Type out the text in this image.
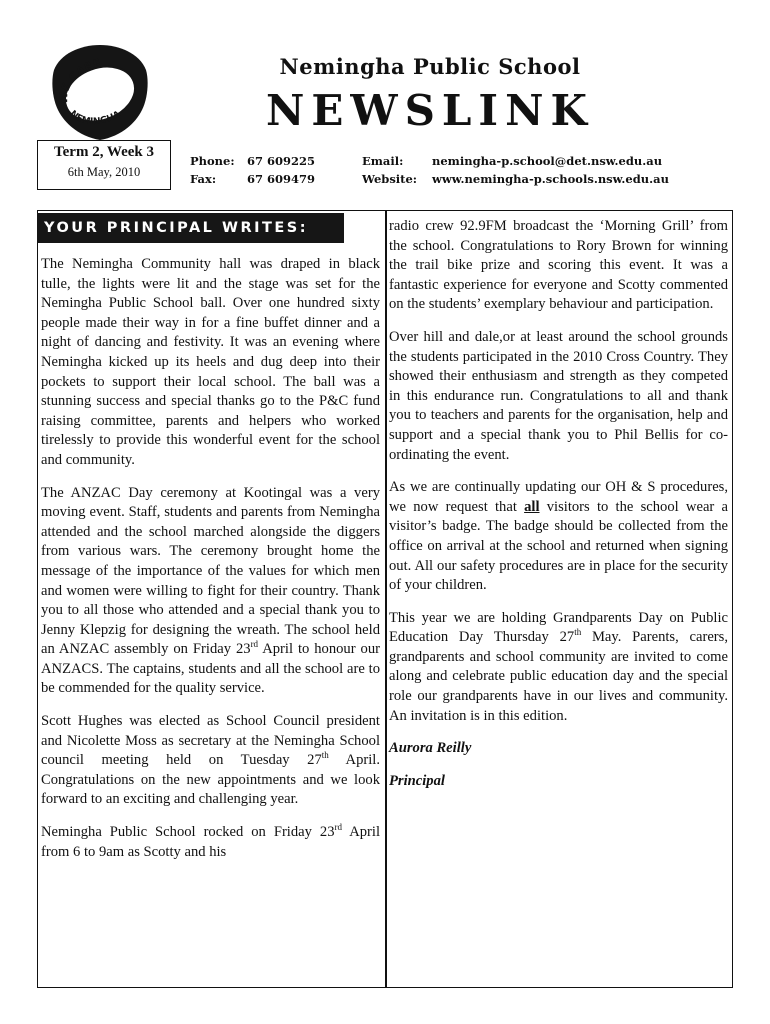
WE CARE
NEMINGHA
Nemingha Public School
NEWSLINK
Term 2, Week 3
6th May, 2010
Phone: 67 609225
Fax:	67 609479
Email: nemingha-p.school@det.nsw.edu.au
Website: www.nemingha-p.schools.nsw.edu.au
YOUR PRINCIPAL WRITES:

The Nemingha Community hall was draped in black tulle, the lights were lit and the stage was set for the Nemingha Public School ball. Over one hundred sixty people made their way in for a fine buffet dinner and a night of dancing and festivity. It was an evening where Nemingha kicked up its heels and dug deep into their pockets to support their local school. The ball was a stunning success and special thanks go to the P&C fund raising committee, parents and helpers who worked tirelessly to provide this wonderful event for the school and community.

The ANZAC Day ceremony at Kootingal was a very moving event. Staff, students and parents from Nemingha attended and the school marched alongside the diggers from various wars. The ceremony brought home the message of the importance of the values for which men and women were willing to fight for their country. Thank you to all those who attended and a special thank you to Jenny Klepzig for designing the wreath. The school held an ANZAC assembly on Friday 23rd April to honour our ANZACS. The captains, students and all the school are to be commended for the quality service.

Scott Hughes was elected as School Council president and Nicolette Moss as secretary at the Nemingha School council meeting held on Tuesday 27th April. Congratulations on the new appointments and we look forward to an exciting and challenging year.

Nemingha Public School rocked on Friday 23rd April from 6 to 9am as Scotty and his

radio crew 92.9FM broadcast the ‘Morning Grill’ from the school. Congratulations to Rory Brown for winning the trail bike prize and scoring this event. It was a fantastic experience for everyone and Scotty commented on the students’ exemplary behaviour and participation.

Over hill and dale,or at least around the school grounds the students participated in the 2010 Cross Country. They showed their enthusiasm and strength as they competed in this endurance run. Congratulations to all and thank you to teachers and parents for the organisation, help and support and a special thank you to Phil Bellis for co-ordinating the event.

As we are continually updating our OH & S procedures, we now request that all visitors to the school wear a visitor’s badge. The badge should be collected from the office on arrival at the school and returned when signing out. All our safety procedures are in place for the security of your children.

This year we are holding Grandparents Day on Public Education Day Thursday 27th May. Parents, carers, grandparents and school community are invited to come along and celebrate public education day and the special role our grandparents have in our lives and community. An invitation is in this edition.

Aurora Reilly

Principal
